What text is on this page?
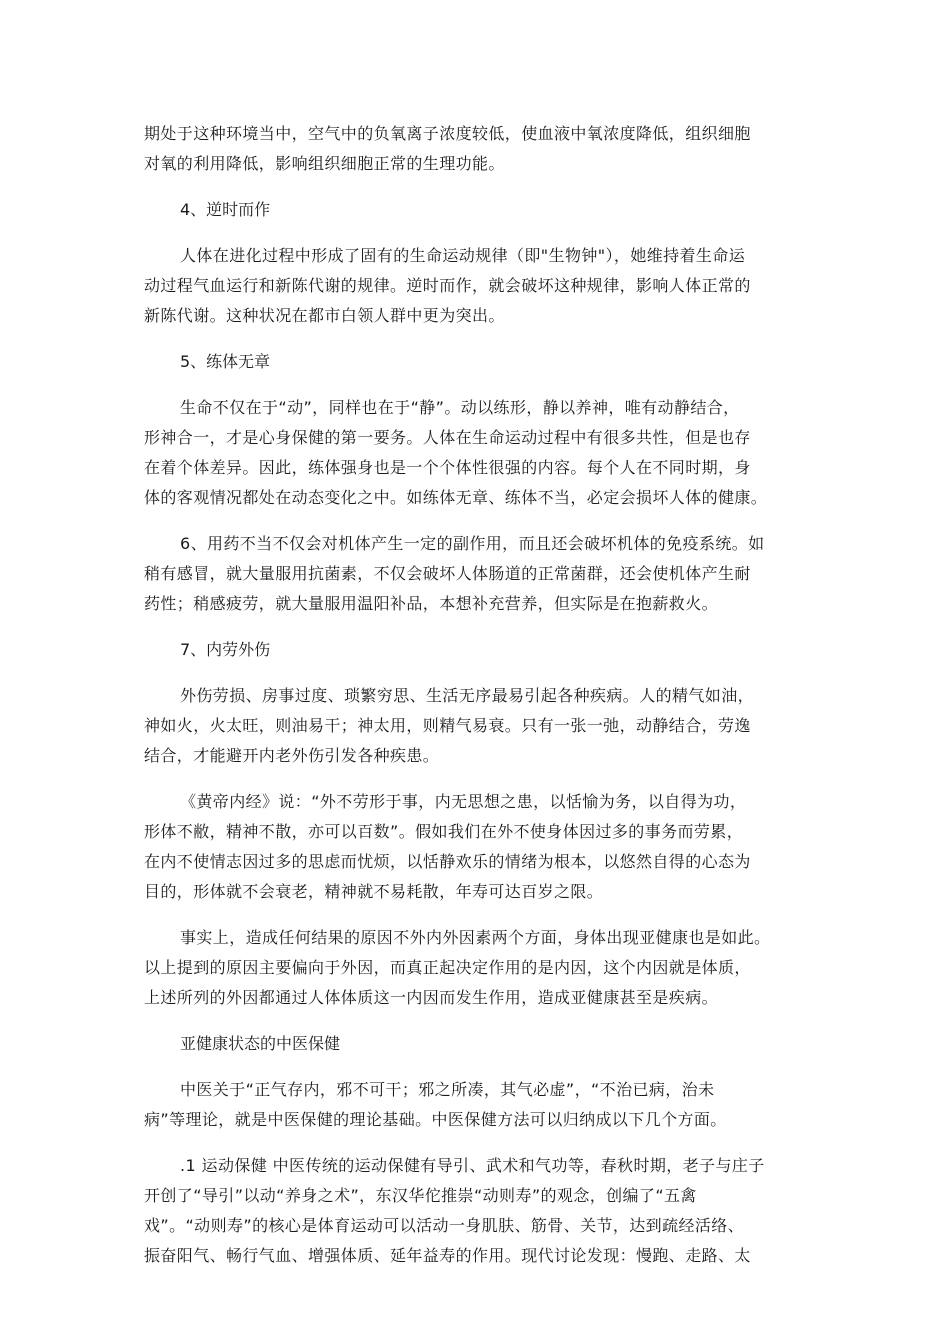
期处于这种环境当中，空气中的负氧离子浓度较低，使血液中氧浓度降低，组织细胞
对氧的利用降低，影响组织细胞正常的生理功能。

4、逆时而作

人体在进化过程中形成了固有的生命运动规律（即"生物钟"），她维持着生命运
动过程气血运行和新陈代谢的规律。逆时而作，就会破坏这种规律，影响人体正常的
新陈代谢。这种状况在都市白领人群中更为突出。

5、练体无章

生命不仅在于“动”，同样也在于“静”。动以练形，静以养神，唯有动静结合，
形神合一，才是心身保健的第一要务。人体在生命运动过程中有很多共性，但是也存
在着个体差异。因此，练体强身也是一个个体性很强的内容。每个人在不同时期，身
体的客观情况都处在动态变化之中。如练体无章、练体不当，必定会损坏人体的健康。

6、用药不当不仅会对机体产生一定的副作用，而且还会破坏机体的免疫系统。如
稍有感冒，就大量服用抗菌素，不仅会破坏人体肠道的正常菌群，还会使机体产生耐
药性；稍感疲劳，就大量服用温阳补品，本想补充营养，但实际是在抱薪救火。

7、内劳外伤

外伤劳损、房事过度、琐繁穷思、生活无序最易引起各种疾病。人的精气如油，
神如火，火太旺，则油易干；神太用，则精气易衰。只有一张一弛，动静结合，劳逸
结合，才能避开内老外伤引发各种疾患。

《黄帝内经》说：“外不劳形于事，内无思想之患，以恬愉为务，以自得为功，
形体不敝，精神不散，亦可以百数”。假如我们在外不使身体因过多的事务而劳累，
在内不使情志因过多的思虑而忧烦，以恬静欢乐的情绪为根本，以悠然自得的心态为
目的，形体就不会衰老，精神就不易耗散，年寿可达百岁之限。

事实上，造成任何结果的原因不外内外因素两个方面，身体出现亚健康也是如此。
以上提到的原因主要偏向于外因，而真正起决定作用的是内因，这个内因就是体质，
上述所列的外因都通过人体体质这一内因而发生作用，造成亚健康甚至是疾病。

亚健康状态的中医保健

中医关于“正气存内，邪不可干；邪之所凑，其气必虚”，“不治已病，治未
病”等理论，就是中医保健的理论基础。中医保健方法可以归纳成以下几个方面。

.1 运动保健 中医传统的运动保健有导引、武术和气功等，春秋时期，老子与庄子
开创了“导引”以动“养身之术”，东汉华佗推崇“动则寿”的观念，创编了“五禽
戏”。“动则寿”的核心是体育运动可以活动一身肌肤、筋骨、关节，达到疏经活络、
振奋阳气、畅行气血、增强体质、延年益寿的作用。现代讨论发现：慢跑、走路、太
